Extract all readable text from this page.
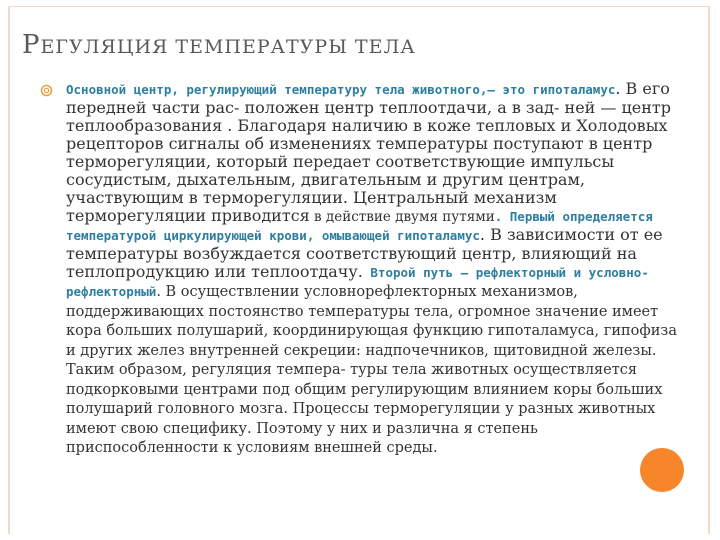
РЕГУЛЯЦИЯ ТЕМПЕРАТУРЫ ТЕЛА
Основной центр, регулирующий температуру тела животного,— это гипоталамус. В его передней части рас- положен центр теплоотдачи, а в зад- ней — центр теплообразования . Благодаря наличию в коже тепловых и Холодовых рецепторов сигналы об изменениях температуры поступают в центр терморегуляции, который передает соответствующие импульсы сосудистым, дыхательным, двигательным и другим центрам, участвующим в терморегуляции. Центральный механизм терморегуляции приводится в действие двумя путями. Первый определяется температурой циркулирующей крови, омывающей гипоталамус. В зависимости от ее температуры возбуждается соответствующий центр, влияющий на теплопродукцию или теплоотдачу. Второй путь — рефлекторный и условно- рефлекторный. В осуществлении условнорефлекторных механизмов, поддерживающих постоянство температуры тела, огромное значение имеет кора больших полушарий, координирующая функцию гипоталамуса, гипофиза и других желез внутренней секреции: надпочечников, щитовидной железы. Таким образом, регуляция темпера- туры тела животных осуществляется подкорковыми центрами под общим регулирующим влиянием коры больших полушарий головного мозга. Процессы терморегуляции у разных животных имеют свою специфику. Поэтому у них и различна я степень приспособленности к условиям внешней среды.
